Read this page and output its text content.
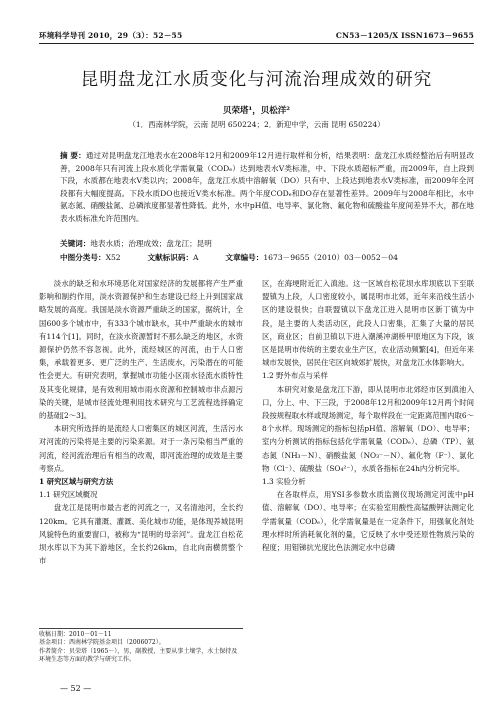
环境科学导刊 2010，29（3）：52－55	CN53－1205/X ISSN1673－9655
昆明盘龙江水质变化与河流治理成效的研究
贝荣塔¹，贝松洋²
（1．西南林学院，云南 昆明 650224；2．新迎中学，云南 昆明 650224）
摘 要：通过对昆明盘龙江地表水在2008年12月和2009年12月进行取样和分析，结果表明：盘龙江水质经整治后有明显改善，2008年只有河流上段水质化学需氧量（CODₑ）达到地表水Ⅴ类标准，中、下段水质超标严重，而2009年，自上段到下段，水质都在地表水Ⅴ类以内；2008年，盘龙江水质中溶解氧（DO）只有中、上段达到地表水Ⅴ类标准，而2009年全河段都有大幅度提高。下段水质DO也接近Ⅴ类水标准。两个年度CODₑ和DO存在显著性差异。2009年与2008年相比，水中氨态氮、硝酸盐氮、总磷浓度都显著性降低。此外，水中pH值、电导率、氯化物、氟化物和硫酸盐年度间差异不大，都在地表水质标准允许范围内。
关键词：地表水质；治理成效；盘龙江；昆明
中图分类号：X52	文献标识码：A	文章编号：1673－9655（2010）03－0052－04

淡水的缺乏和水环境恶化对国家经济的发展都将产生严重影响和制约作用，淡水资源保护和生态建设已经上升到国家战略发展的高度。我国是淡水资源严重缺乏的国家，据统计，全国600多个城市中，有333个城市缺水，其中严重缺水的城市有114个[1]。同时，在淡水资源暂时不那么缺乏的地区，水资源保护仍然不容忽视。此外，流经城区的河流，由于人口密集，承载着更多、更广泛的生产、生活废水，污染潜在的可能性会更大。有研究表明，掌握城市功能小区雨水径流水质特性及其变化规律，是有效利用城市雨水资源和控制城市非点源污染的关键，是城市径流处理利用技术研究与工艺流程选择确定的基础[2～3]。

本研究所选择的是流经人口密集区的城区河流，生活污水对河流的污染将是主要的污染来源。对于一条污染相当严重的河流，经河流治理后有相当的改观，即河流治理的成效是主要考察点。

1 研究区域与研究方法

1.1 研究区域概况

盘龙江是昆明市最古老的河流之一，又名清池河，全长约120km。它具有灌溉、灌溉、美化城市功能，是体现养城昆明风貌特色的重要窗口，被称为“昆明的母亲河”。盘龙江自松花坝水库以下为其下游地区，全长约26km，自北向南横贯整个市

区，在海埂附近汇入滇池。这一区域自松花坝水库坝底以下至联盟镇为上段，人口密度较小，属昆明市北郊，近年来沿线生活小区的建设很快；自联盟镇以下盘龙江进入昆明市区新丁镇为中段，是主要的人类活动区，此段人口密集，汇集了大量的居民区，商业区；自前卫镇以下进入潮溪冲湖桥甲原地区为下段，该区是昆明市传统的主要农业生产区，农业活动频繁[4]，但近年来城市发展快，居民住宅区向城郊扩展快，对盘龙江水体影响大。

1.2 野外布点与采样

本研究对象是盘龙江下游，即从昆明市北郊经市区到滇池入口，分上、中、下三段，于2008年12月和2009年12月两个时间段按规程取水样或现场测定，每个取样段在一定距离范围内取6～8个水样。现场测定的指标包括pH值、溶解氧（DO）、电导率；室内分析测试的指标包括化学需氧量（CODₑ）、总磷（TP）、氨态氮（NH₃－N）、硝酸盐氮（NO₃⁻－N）、氟化物（F⁻）、氯化物（Cl⁻）、硫酸盐（SO₄²⁻），水质各指标在24h内分析完毕。

1.3 实验分析

在各取样点，用YSI多参数水质监测仪现场测定河流中pH值、溶解氧（DO）、电导率；在实验室用酸性高锰酸钾法测定化学需氧量（CODₑ），化学需氧量是在一定条件下，用强氧化剂处理水样时所消耗氧化剂的量，它反映了水中受还原性物质污染的程度；用钼锑抗光度比色法测定水中总磷

收稿日期：2010－01－11

基金项目：西南林学院基金项目（2006072）。

作者简介：贝荣塔（1965－），男，副教授，主要从事土壤学、水土保持及环境生态等方面的教学与研究工作。

— 52 —
